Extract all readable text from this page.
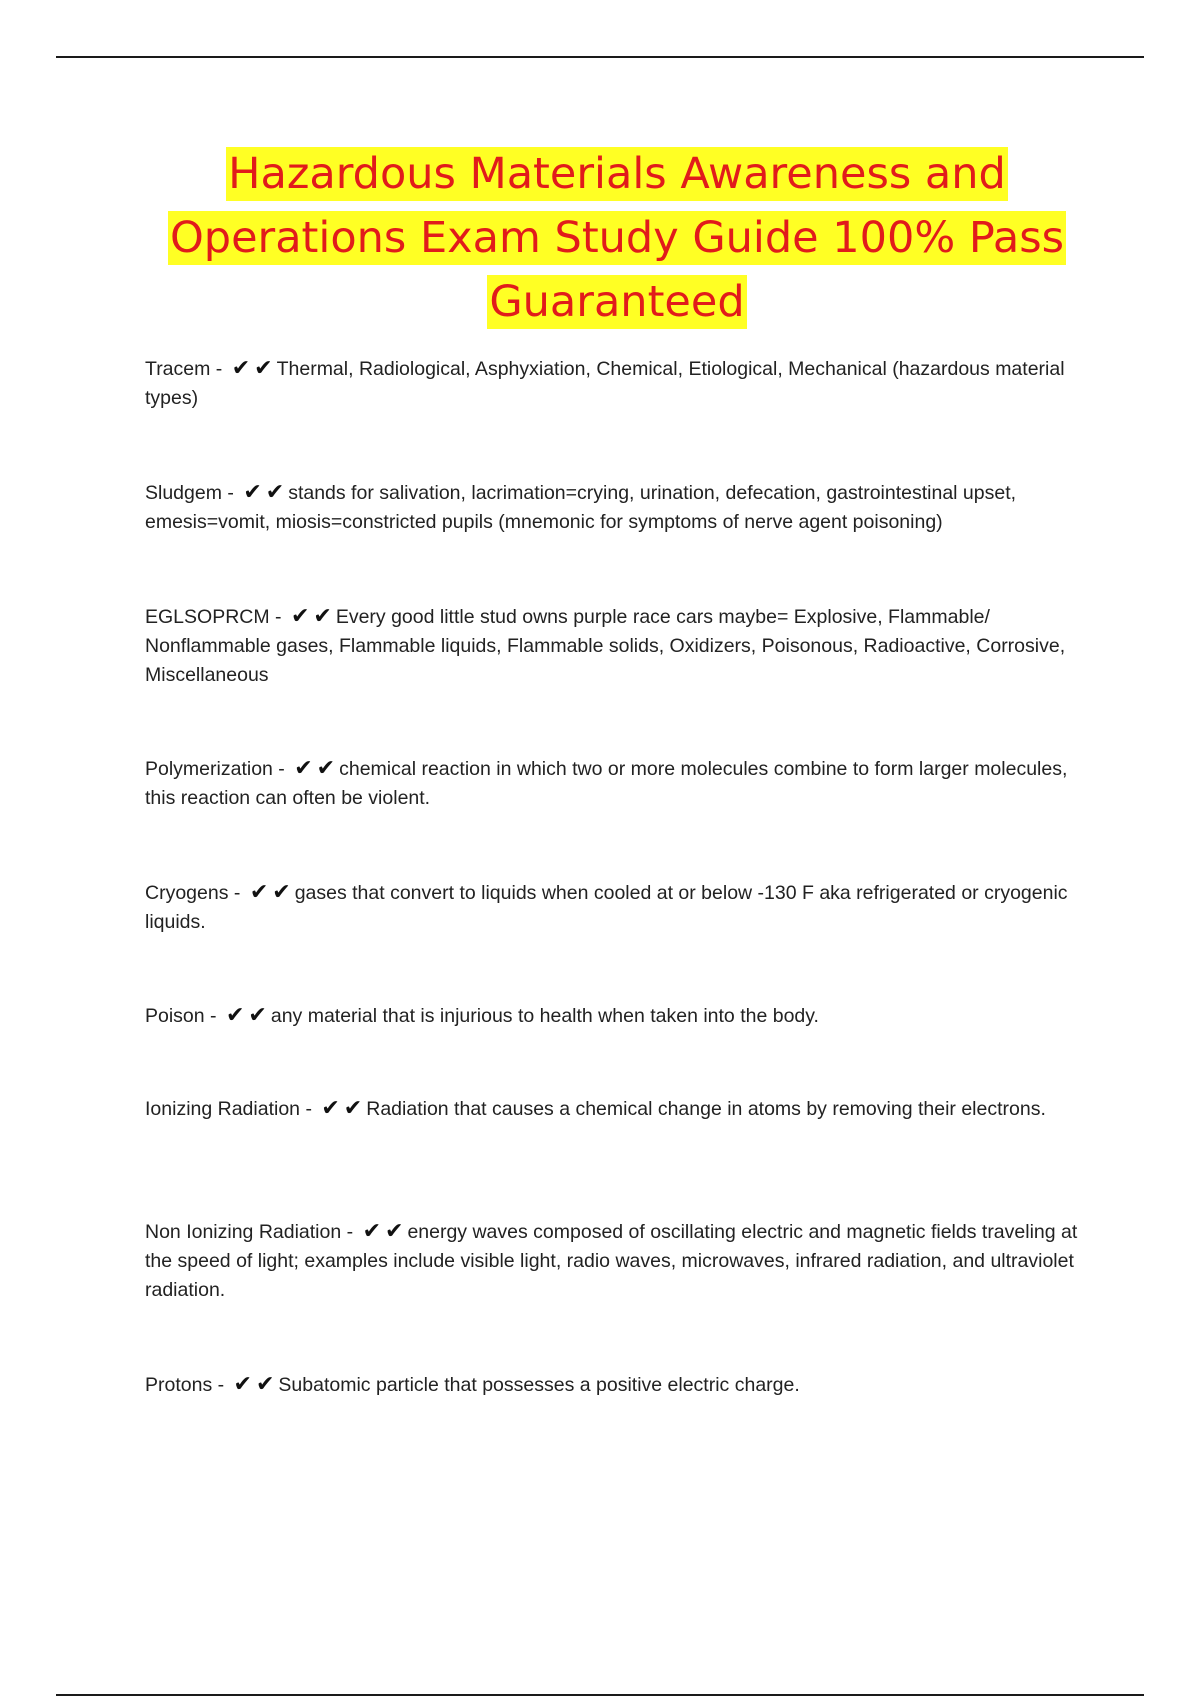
Hazardous Materials Awareness and Operations Exam Study Guide 100% Pass Guaranteed
Tracem - ✔✔Thermal, Radiological, Asphyxiation, Chemical, Etiological, Mechanical (hazardous material types)
Sludgem - ✔✔stands for salivation, lacrimation=crying, urination, defecation, gastrointestinal upset, emesis=vomit, miosis=constricted pupils (mnemonic for symptoms of nerve agent poisoning)
EGLSOPRCM - ✔✔Every good little stud owns purple race cars maybe= Explosive, Flammable/ Nonflammable gases, Flammable liquids, Flammable solids, Oxidizers, Poisonous, Radioactive, Corrosive, Miscellaneous
Polymerization - ✔✔chemical reaction in which two or more molecules combine to form larger molecules, this reaction can often be violent.
Cryogens - ✔✔gases that convert to liquids when cooled at or below -130 F aka refrigerated or cryogenic liquids.
Poison - ✔✔any material that is injurious to health when taken into the body.
Ionizing Radiation - ✔✔Radiation that causes a chemical change in atoms by removing their electrons.
Non Ionizing Radiation - ✔✔energy waves composed of oscillating electric and magnetic fields traveling at the speed of light; examples include visible light, radio waves, microwaves, infrared radiation, and ultraviolet radiation.
Protons - ✔✔Subatomic particle that possesses a positive electric charge.
